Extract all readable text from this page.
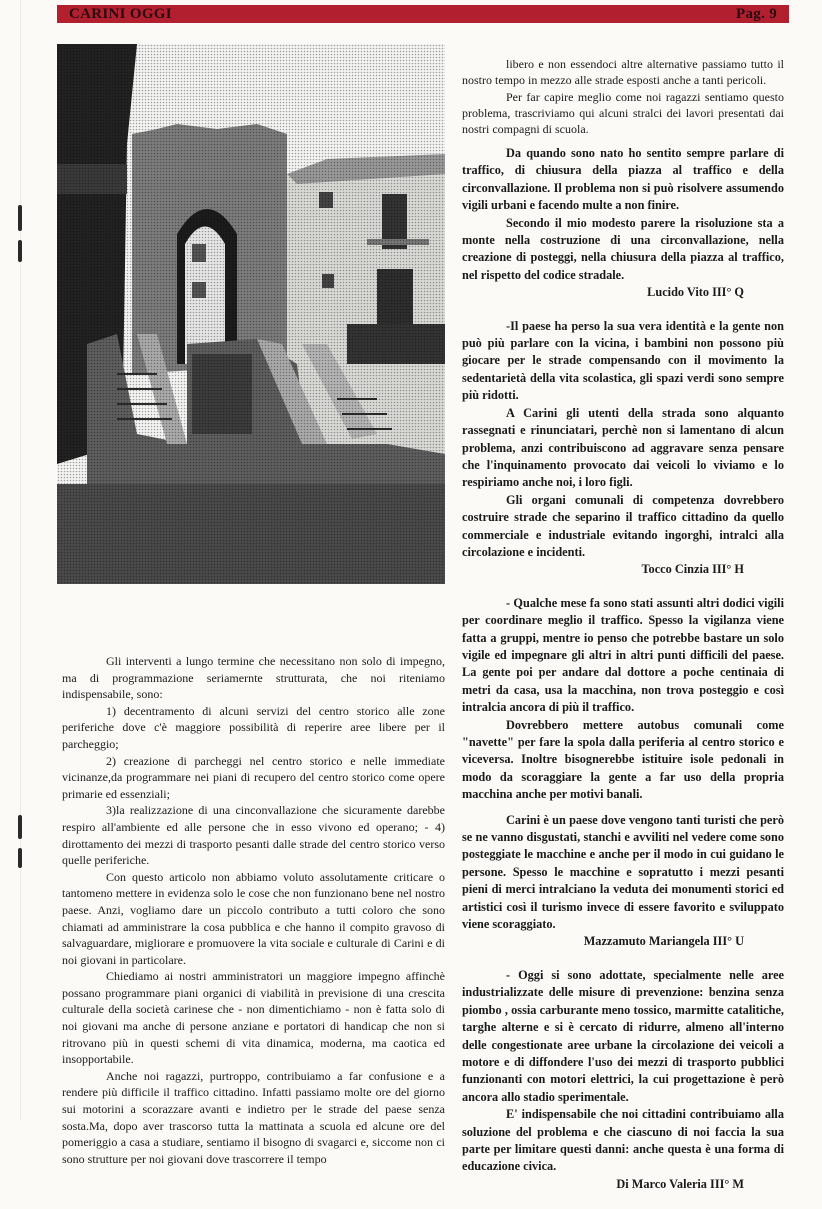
CARINI OGGI	Pag. 9

Gli interventi a lungo termine che necessitano non solo di impegno, ma di programmazione seriamernte strutturata, che noi riteniamo indispensabile, sono:

1) decentramento di alcuni servizi del centro storico alle zone periferiche dove c'è maggiore possibilità di reperire aree libere per il parcheggio;

2) creazione di parcheggi nel centro storico e nelle immediate vicinanze,da programmare nei piani di recupero del centro storico come opere primarie ed essenziali;

3)la realizzazione di una cinconvallazione che sicuramente darebbe respiro all'ambiente ed alle persone che in esso vivono ed operano; - 4) dirottamento dei mezzi di trasporto pesanti dalle strade del centro storico verso quelle periferiche.

Con questo articolo non abbiamo voluto assolutamente criticare o tantomeno mettere in evidenza solo le cose che non funzionano bene nel nostro paese. Anzi, vogliamo dare un piccolo contributo a tutti coloro che sono chiamati ad amministrare la cosa pubblica e che hanno il compito gravoso di salvaguardare, migliorare e promuovere la vita sociale e culturale di Carini e di noi giovani in particolare.

Chiediamo ai nostri amministratori un maggiore impegno affinchè possano programmare piani organici di viabilità in previsione di una crescita culturale della società carinese che - non dimentichiamo - non è fatta solo di noi giovani ma anche di persone anziane e portatori di handicap che non si ritrovano più in questi schemi di vita dinamica, moderna, ma caotica ed insopportabile.

Anche noi ragazzi, purtroppo, contribuiamo a far confusione e a rendere più difficile il traffico cittadino. Infatti passiamo molte ore del giorno sui motorini a scorazzare avanti e indietro per le strade del paese senza sosta.Ma, dopo aver trascorso tutta la mattinata a scuola ed alcune ore del pomeriggio a casa a studiare, sentiamo il bisogno di svagarci e, siccome non ci sono strutture per noi giovani dove trascorrere il tempo

libero e non essendoci altre alternative passiamo tutto il nostro tempo in mezzo alle strade esposti anche a tanti pericoli.

Per far capire meglio come noi ragazzi sentiamo questo problema, trascriviamo qui alcuni stralci dei lavori presentati dai nostri compagni di scuola.

Da quando sono nato ho sentito sempre parlare di traffico, di chiusura della piazza al traffico e della circonvallazione. Il problema non si può risolvere assumendo vigili urbani e facendo multe a non finire.

Secondo il mio modesto parere la risoluzione sta a monte nella costruzione di una circonvallazione, nella creazione di posteggi, nella chiusura della piazza al traffico, nel rispetto del codice stradale.

Lucido Vito III° Q

-Il paese ha perso la sua vera identità e la gente non può più parlare con la vicina, i bambini non possono più giocare per le strade compensando con il movimento la sedentarietà della vita scolastica, gli spazi verdi sono sempre più ridotti.

A Carini gli utenti della strada sono alquanto rassegnati e rinunciatari, perchè non si lamentano di alcun problema, anzi contribuiscono ad aggravare senza pensare che l'inquinamento provocato dai veicoli lo viviamo e lo respiriamo anche noi, i loro figli.

Gli organi comunali di competenza dovrebbero costruire strade che separino il traffico cittadino da quello commerciale e industriale evitando ingorghi, intralci alla circolazione e incidenti.

Tocco Cinzia III° H

- Qualche mese fa sono stati assunti altri dodici vigili per coordinare meglio il traffico. Spesso la vigilanza viene fatta a gruppi, mentre io penso che potrebbe bastare un solo vigile ed impegnare gli altri in altri punti difficili del paese. La gente poi per andare dal dottore a poche centinaia di metri da casa, usa la macchina, non trova posteggio e così intralcia ancora di più il traffico.

Dovrebbero mettere autobus comunali come "navette" per fare la spola dalla periferia al centro storico e viceversa. Inoltre bisognerebbe istituire isole pedonali in modo da scoraggiare la gente a far uso della propria macchina anche per motivi banali.

Carini è un paese dove vengono tanti turisti che però se ne vanno disgustati, stanchi e avviliti nel vedere come sono posteggiate le macchine e anche per il modo in cui guidano le persone. Spesso le macchine e sopratutto i mezzi pesanti pieni di merci intralciano la veduta dei monumenti storici ed artistici così il turismo invece di essere favorito e sviluppato viene scoraggiato.

Mazzamuto Mariangela III° U

- Oggi si sono adottate, specialmente nelle aree industrializzate delle misure di prevenzione: benzina senza piombo , ossia carburante meno tossico, marmitte catalitiche, targhe alterne e si è cercato di ridurre, almeno all'interno delle congestionate aree urbane la circolazione dei veicoli a motore e di diffondere l'uso dei mezzi di trasporto pubblici funzionanti con motori elettrici, la cui progettazione è però ancora allo stadio sperimentale.

E' indispensabile che noi cittadini contribuiamo alla soluzione del problema e che ciascuno di noi faccia la sua parte per limitare questi danni: anche questa è una forma di educazione civica.

Di Marco Valeria III° M
